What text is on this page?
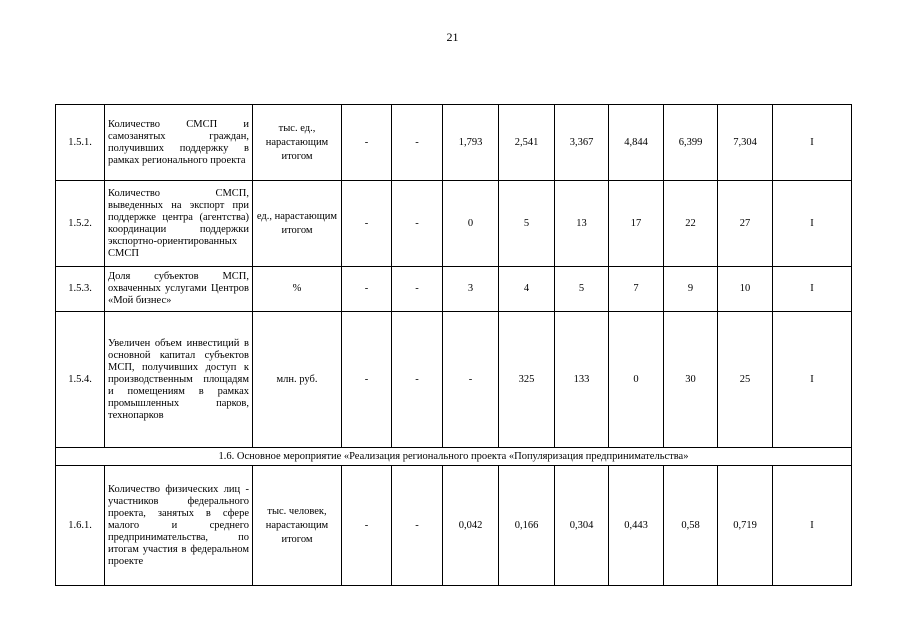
21
1.5.1.	Количество СМСП и самозанятых граждан, получивших поддержку в рамках регионального проекта	тыс. ед., нарастающим итогом	-	-	1,793	2,541	3,367	4,844	6,399	7,304	I
1.5.2.	Количество СМСП, выведенных на экспорт при поддержке центра (агентства) координации поддержки экспортно-ориентированных СМСП	ед., нарастающим итогом	-	-	0	5	13	17	22	27	I
1.5.3.	Доля субъектов МСП, охваченных услугами Центров «Мой бизнес»	%	-	-	3	4	5	7	9	10	I
1.5.4.	Увеличен объем инвестиций в основной капитал субъектов МСП, получивших доступ к производственным площадям и помещениям в рамках промышленных парков, технопарков	млн. руб.	-	-	-	325	133	0	30	25	I
1.6. Основное мероприятие «Реализация регионального проекта «Популяризация предпринимательства»											
1.6.1.	Количество физических лиц - участников федерального проекта, занятых в сфере малого и среднего предпринимательства, по итогам участия в федеральном проекте	тыс. человек, нарастающим итогом	-	-	0,042	0,166	0,304	0,443	0,58	0,719	I
